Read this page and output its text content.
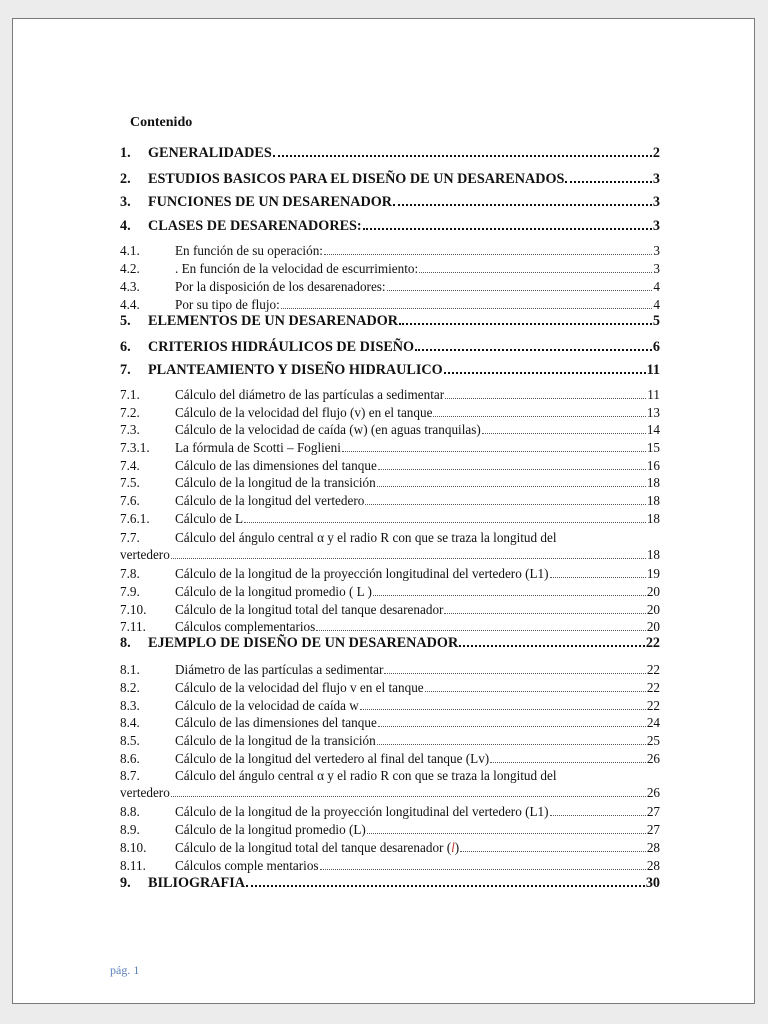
Contenido
1.	GENERALIDADES	2
2.	ESTUDIOS BASICOS PARA EL DISEÑO DE UN DESARENADOS	3
3.	FUNCIONES DE UN DESARENADOR	3
4.	CLASES DE DESARENADORES:	3
4.1.	En función de su operación:	3
4.2.	. En función de la velocidad de escurrimiento:	3
4.3.	Por la disposición de los desarenadores:	4
4.4.	Por su tipo de flujo:	4
5.	ELEMENTOS DE UN DESARENADOR	5
6.	CRITERIOS HIDRÁULICOS DE DISEÑO	6
7.	PLANTEAMIENTO Y DISEÑO HIDRAULICO	11
7.1.	Cálculo del diámetro de las partículas a sedimentar	11
7.2.	Cálculo de la velocidad del flujo (v) en el tanque	13
7.3.	Cálculo de la velocidad de caída (w) (en aguas tranquilas)	14
7.3.1.	La fórmula de Scotti – Foglieni	15
7.4.	Cálculo de las dimensiones del tanque	16
7.5.	Cálculo de la longitud de la transición	18
7.6.	Cálculo de la longitud del vertedero	18
7.6.1.	Cálculo de L	18
7.7.	Cálculo del ángulo central α y el radio R con que se traza la longitud del
vertedero	18
7.8.	Cálculo de la longitud de la proyección longitudinal del vertedero (L1)	19
7.9.	Cálculo de la longitud promedio ( L )	20
7.10.	Cálculo de la longitud total del tanque desarenador	20
7.11.	Cálculos complementarios	20
8.	EJEMPLO DE DISEÑO DE UN DESARENADOR	22
8.1.	Diámetro de las partículas a sedimentar	22
8.2.	Cálculo de la velocidad del flujo v en el tanque	22
8.3.	Cálculo de la velocidad de caída w	22
8.4.	Cálculo de las dimensiones del tanque	24
8.5.	Cálculo de la longitud de la transición	25
8.6.	Cálculo de la longitud del vertedero al final del tanque (Lv)	26
8.7.	Cálculo del ángulo central α y el radio R con que se traza la longitud del
vertedero	26
8.8.	Cálculo de la longitud de la proyección longitudinal del vertedero (L1)	27
8.9.	Cálculo de la longitud promedio (L)	27
8.10.	Cálculo de la longitud total del tanque desarenador (l)	28
8.11.	Cálculos comple mentarios	28
9.	BILIOGRAFIA	30

pág. 1
